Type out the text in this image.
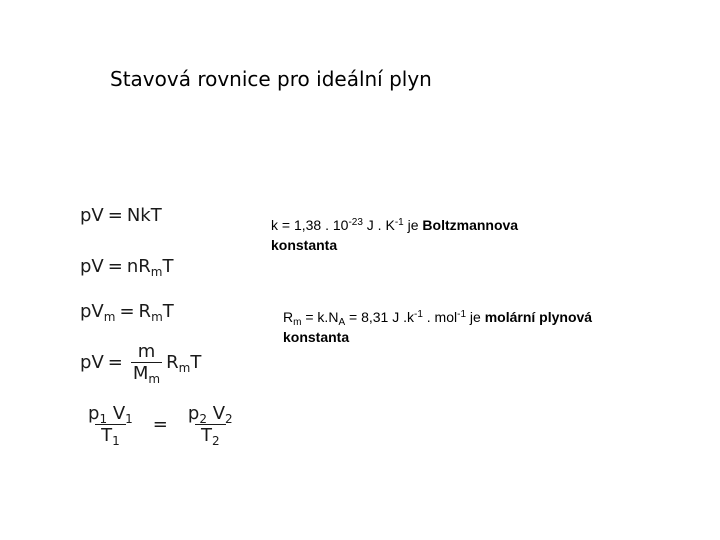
Stavová rovnice pro ideální plyn
pV = NkT
pV = $nR_mT$
$pV_m = R_mT$
pV = $\frac{m}{M_m} R_mT$
$\frac{p_1 V_1}{T_1} = \frac{p_2 V_2}{T_2}$
k = 1,38 . $10^{-23}$ J . $K^{-1}$ je Boltzmannova konstanta
$R_m = k.N_A = 8,31$ J $.k^{-1}$ . mol$^{-1}$ je molární plynová konstanta
